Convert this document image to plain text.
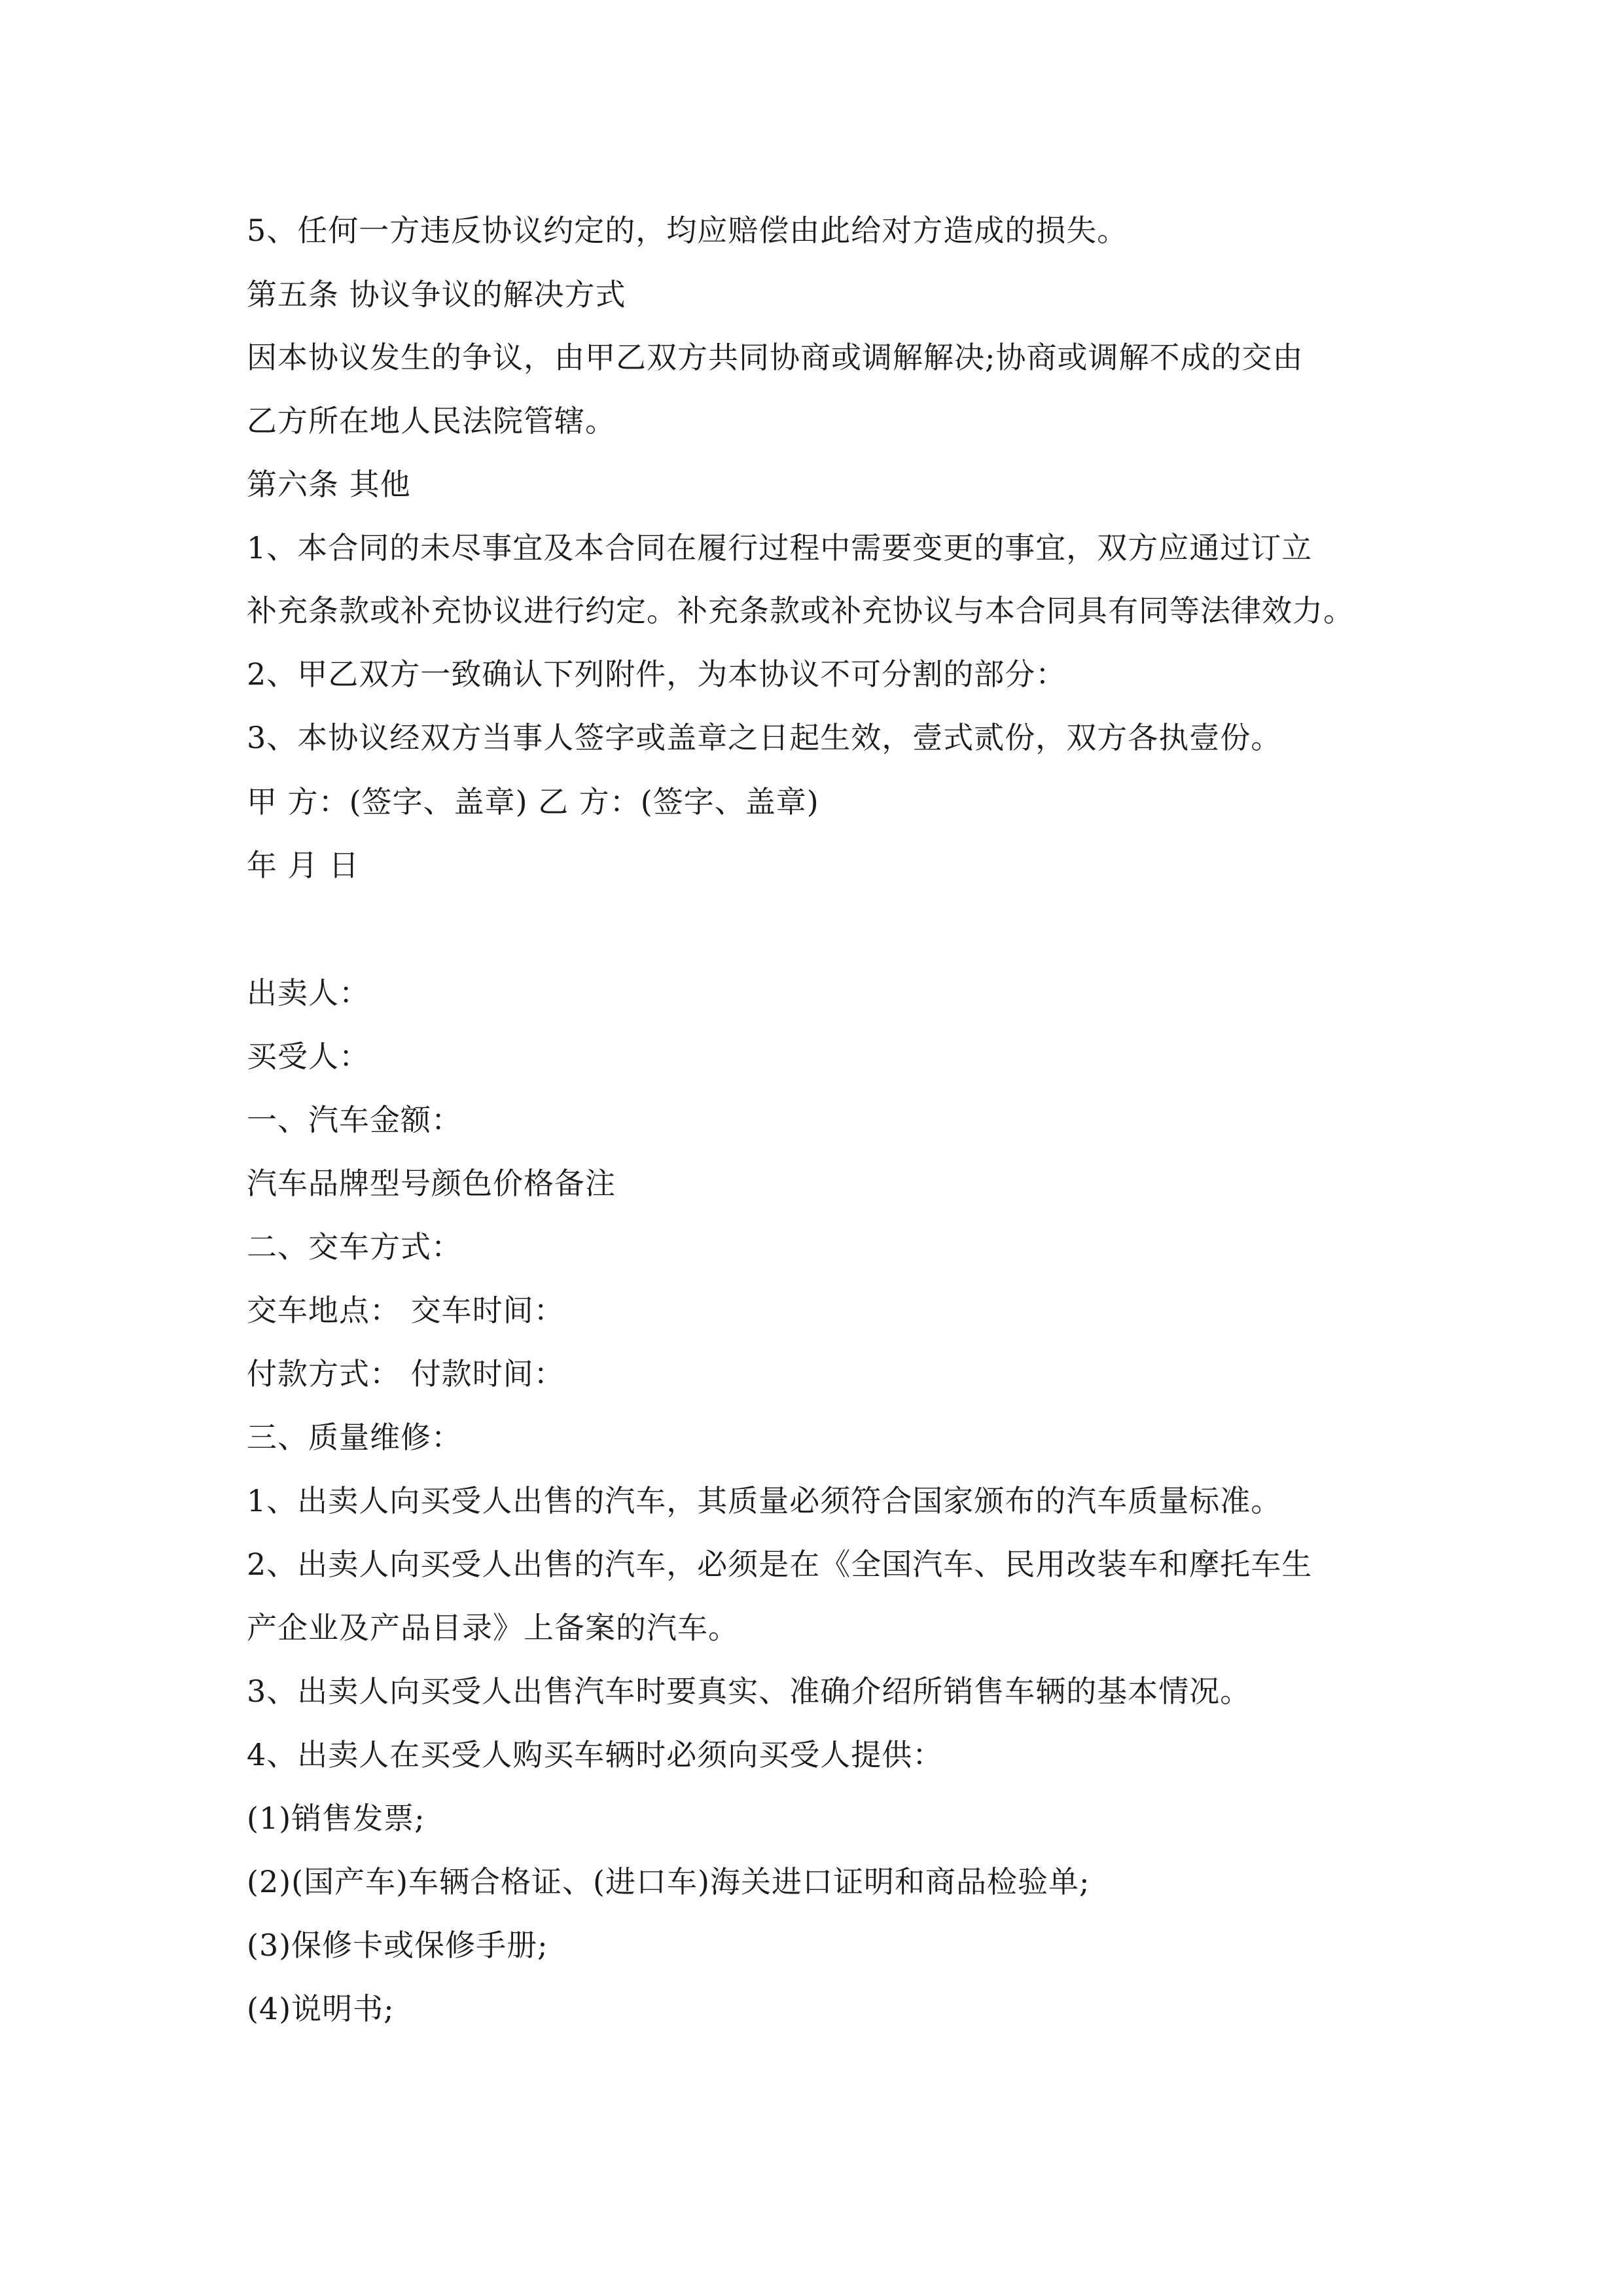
5、任何一方违反协议约定的，均应赔偿由此给对方造成的损失。
第五条 协议争议的解决方式
因本协议发生的争议，由甲乙双方共同协商或调解解决;协商或调解不成的交由
乙方所在地人民法院管辖。
第六条 其他
1、本合同的未尽事宜及本合同在履行过程中需要变更的事宜，双方应通过订立
补充条款或补充协议进行约定。补充条款或补充协议与本合同具有同等法律效力。
2、甲乙双方一致确认下列附件，为本协议不可分割的部分：
3、本协议经双方当事人签字或盖章之日起生效，壹式贰份，双方各执壹份。
甲 方：(签字、盖章) 乙 方：(签字、盖章)
年 月 日
出卖人：
买受人：
一、汽车金额：
汽车品牌型号颜色价格备注
二、交车方式：
交车地点： 交车时间：
付款方式： 付款时间：
三、质量维修：
1、出卖人向买受人出售的汽车，其质量必须符合国家颁布的汽车质量标准。
2、出卖人向买受人出售的汽车，必须是在《全国汽车、民用改装车和摩托车生
产企业及产品目录》上备案的汽车。
3、出卖人向买受人出售汽车时要真实、准确介绍所销售车辆的基本情况。
4、出卖人在买受人购买车辆时必须向买受人提供：
(1)销售发票;
(2)(国产车)车辆合格证、(进口车)海关进口证明和商品检验单;
(3)保修卡或保修手册;
(4)说明书;
